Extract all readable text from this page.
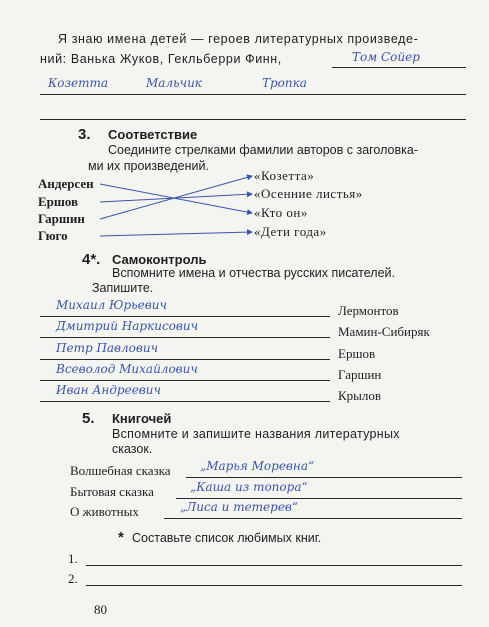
Я знаю имена детей — героев литературных произведе-
ний: Ванька Жуков, Гекльберри Финн,	Том Сойер
Козетта	Мальчик	Тропка
3. Соответствие
Соедините стрелками фамилии авторов с заголовка-
ми их произведений.
Андерсен
Ершов
Гаршин
Гюго
«Козетта»
«Осенние листья»
«Кто он»
«Дети года»
4*. Самоконтроль
Вспомните имена и отчества русских писателей.
Запишите.
Михаил Юрьевич	Лермонтов
Дмитрий Наркисович	Мамин-Сибиряк
Петр Павлович	Ершов
Всеволод Михайлович	Гаршин
Иван Андреевич	Крылов
5. Книгочей
Вспомните и запишите названия литературных
сказок.
Волшебная сказка „Марья Моревна“
Бытовая сказка	„Каша из топора“
О животных	„Лиса и тетерев“
* Составьте список любимых книг.
1.
2.
80
